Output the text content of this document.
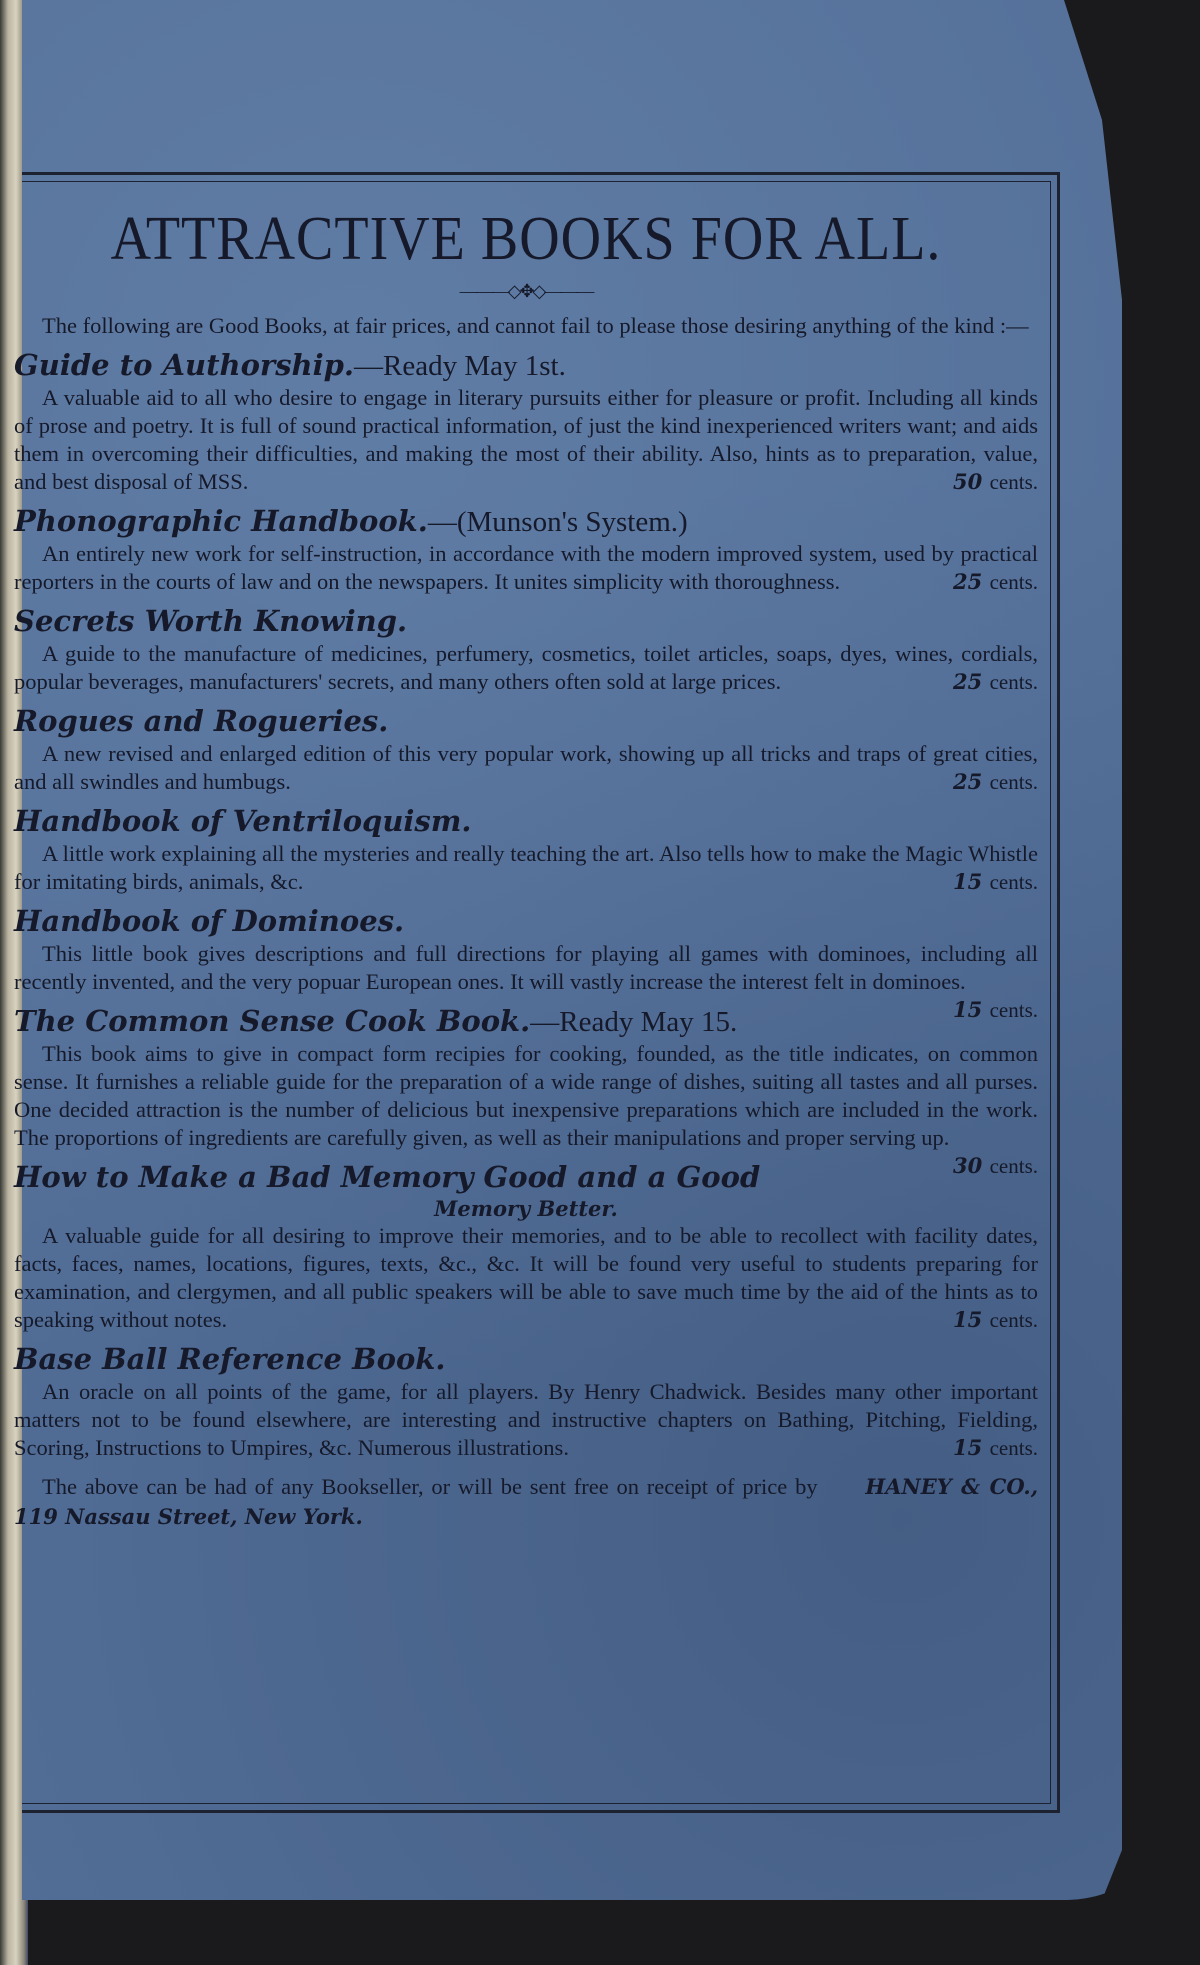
ATTRACTIVE BOOKS FOR ALL.
———◇✥◇———

The following are Good Books, at fair prices, and cannot fail to please those desiring anything of the kind :—

Guide to Authorship.—Ready May 1st.

A valuable aid to all who desire to engage in literary pursuits either for pleasure or profit. Including all kinds of prose and poetry. It is full of sound practical information, of just the kind inexperienced writers want; and aids them in overcoming their difficulties, and making the most of their ability. Also, hints as to preparation, value, and best disposal of MSS.	50 cents.

Phonographic Handbook.—(Munson's System.)

An entirely new work for self-instruction, in accordance with the modern improved system, used by practical reporters in the courts of law and on the newspapers. It unites simplicity with thoroughness.	25 cents.

Secrets Worth Knowing.

A guide to the manufacture of medicines, perfumery, cosmetics, toilet articles, soaps, dyes, wines, cordials, popular beverages, manufacturers' secrets, and many others often sold at large prices.	25 cents.

Rogues and Rogueries.

A new revised and enlarged edition of this very popular work, showing up all tricks and traps of great cities, and all swindles and humbugs.	25 cents.

Handbook of Ventriloquism.

A little work explaining all the mysteries and really teaching the art. Also tells how to make the Magic Whistle for imitating birds, animals, &c.	15 cents.

Handbook of Dominoes.

This little book gives descriptions and full directions for playing all games with dominoes, including all recently invented, and the very popuar European ones. It will vastly increase the interest felt in dominoes.
15 cents.

The Common Sense Cook Book.—Ready May 15.

This book aims to give in compact form recipies for cooking, founded, as the title indicates, on common sense. It furnishes a reliable guide for the preparation of a wide range of dishes, suiting all tastes and all purses. One decided attraction is the number of delicious but inexpensive preparations which are included in the work. The proportions of ingredients are carefully given, as well as their manipulations and proper serving up.
30 cents.

How to Make a Bad Memory Good and a Good
Memory Better.

A valuable guide for all desiring to improve their memories, and to be able to recollect with facility dates, facts, faces, names, locations, figures, texts, &c., &c. It will be found very useful to students preparing for examination, and clergymen, and all public speakers will be able to save much time by the aid of the hints as to speaking without notes.	15 cents.

Base Ball Reference Book.

An oracle on all points of the game, for all players. By Henry Chadwick. Besides many other important matters not to be found elsewhere, are interesting and instructive chapters on Bathing, Pitching, Fielding, Scoring, Instructions to Umpires, &c. Numerous illustrations.	15 cents.

The above can be had of any Bookseller, or will be sent free on receipt of price by HANEY & CO., 119 Nassau Street, New York.
